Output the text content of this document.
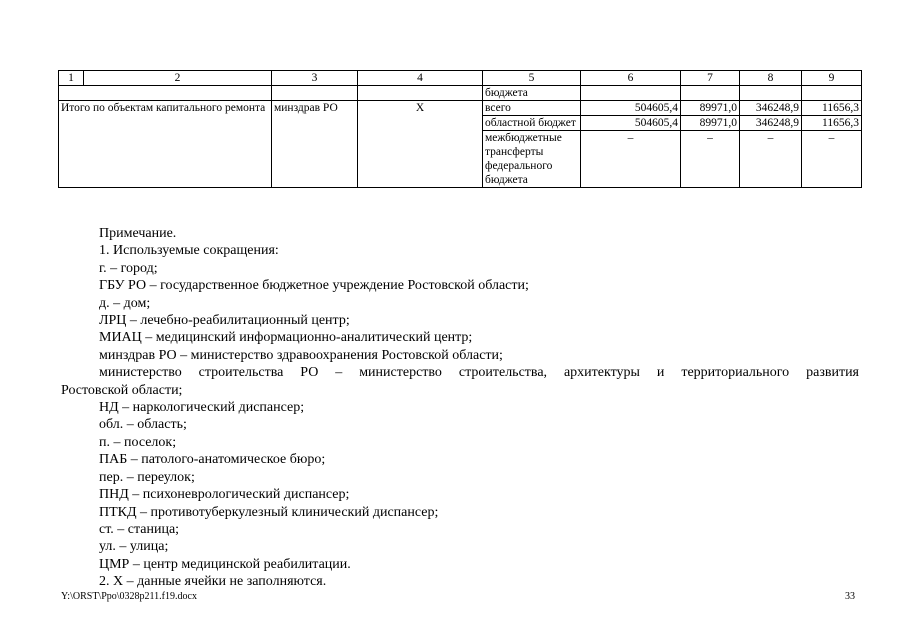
1	2	3	4	5	6	7	8	9
				бюджета				
Итого по объектам капитального ремонта		минздрав РО	Х	всего	504605,4	89971,0	346248,9	11656,3
				областной бюджет	504605,4	89971,0	346248,9	11656,3
				межбюджетные трансферты федерального бюджета	–	–	–	–
Примечание.
1. Используемые сокращения:
г. – город;
ГБУ РО – государственное бюджетное учреждение Ростовской области;
д. – дом;
ЛРЦ – лечебно-реабилитационный центр;
МИАЦ – медицинский информационно-аналитический центр;
минздрав РО – министерство здравоохранения Ростовской области;
министерство строительства РО – министерство строительства, архитектуры и территориального развития
Ростовской области;
НД – наркологический диспансер;
обл. – область;
п. – поселок;
ПАБ – патолого-анатомическое бюро;
пер. – переулок;
ПНД – психоневрологический диспансер;
ПТКД – противотуберкулезный клинический диспансер;
ст. – станица;
ул. – улица;
ЦМР – центр медицинской реабилитации.
2. Х – данные ячейки не заполняются.
Y:\ORST\Ppo\0328p211.f19.docx	33
